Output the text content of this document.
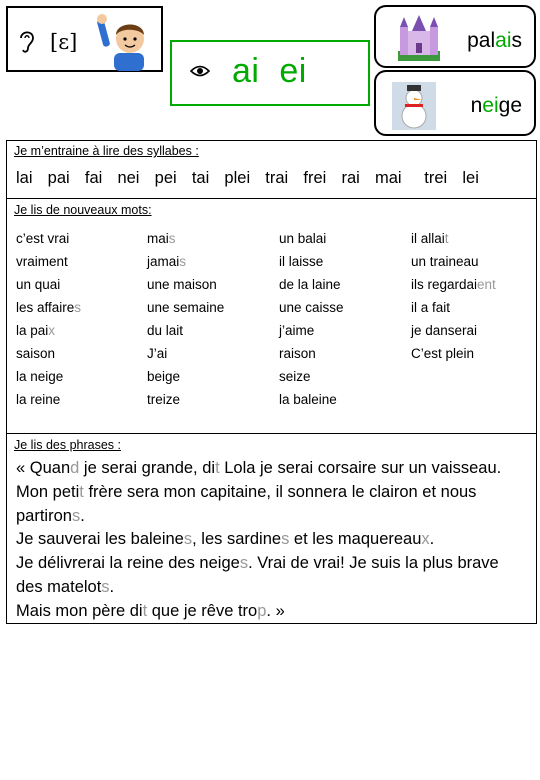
[ɛ]
ai  ei
palais
neige
Je m’entraine à lire des syllabes :
lai  pai  fai  nei  pei  tai  plei  trai  frei  rai  mai   trei  lei
Je lis de nouveaux mots:
c’est vrai	mais	un balai	il allait
vraiment	jamais	il laisse	un traineau
un quai	une maison	de la laine	ils regardaient
les affaires	une semaine	une caisse	il a fait
la paix	du lait	j’aime	je danserai
saison	J’ai	raison	C’est plein
la neige	beige	seize
la reine	treize	la baleine
Je lis des phrases :
« Quand je serai grande, dit Lola je serai corsaire sur un vaisseau. Mon petit frère sera mon capitaine, il sonnera le clairon et nous partirons.
Je sauverai les baleines, les sardines et les maquereaux.
Je délivrerai la reine des neiges. Vrai de vrai! Je suis la plus brave des matelots.
Mais mon père dit que je rêve trop. »
